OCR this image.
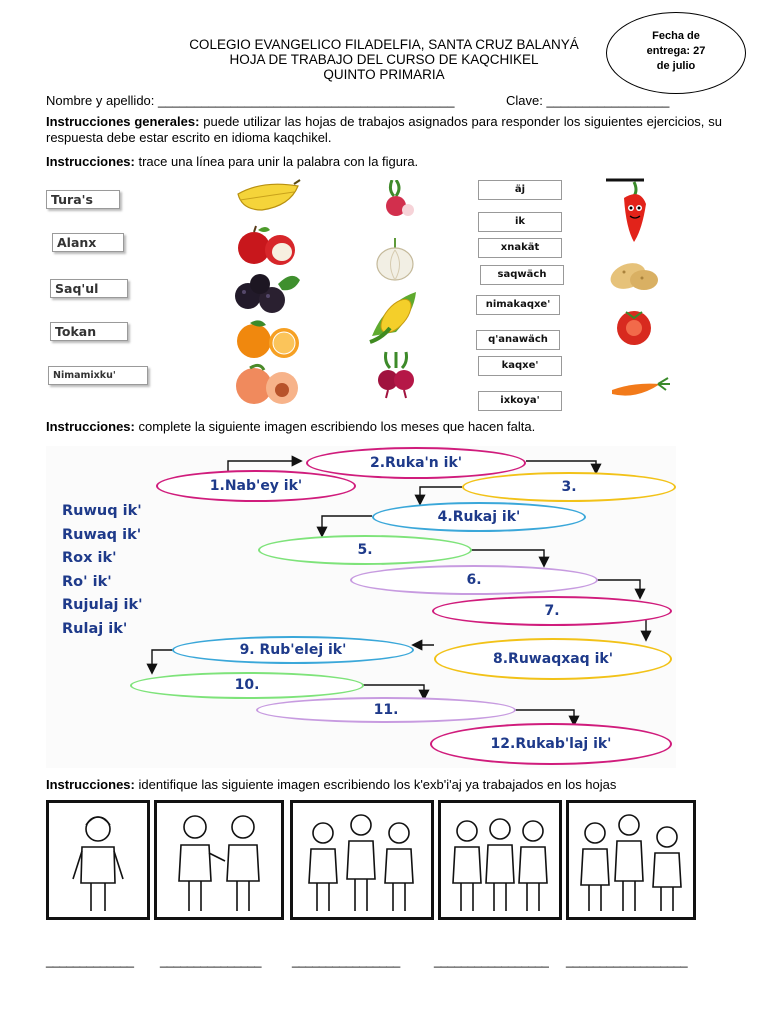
COLEGIO EVANGELICO FILADELFIA, SANTA CRUZ BALANYÁ
HOJA DE TRABAJO DEL CURSO DE KAQCHIKEL
QUINTO PRIMARIA
Fecha de
entrega: 27
de julio
Nombre y apellido: _________________________________________	Clave: _________________
Instrucciones generales: puede utilizar las hojas de trabajos asignados para responder los siguientes ejercicios, su respuesta debe estar escrito en idioma kaqchikel.
Instrucciones: trace una línea para unir la palabra con la figura.
Tura's
Alanx
Saq'ul
Tokan
Nimamixku'
äj
ik
xnakät
saqwäch
nimakaqxe'
q'anawäch
kaqxe'
ixkoya'
Instrucciones: complete la siguiente imagen escribiendo los meses que hacen falta.
Ruwuq ik'
Ruwaq ik'
Rox ik'
Ro' ik'
Rujulaj ik'
Rulaj ik'
2.Ruka'n ik'
1.Nab'ey ik'	3.
4.Rukaj ik'
5.
6.
7.
8.Ruwaqxaq ik'
9. Rub'elej ik'
10.
11.
12.Rukab'laj ik'
Instrucciones: identifique las siguiente imagen escribiendo los k'exb'i'aj ya trabajados en los hojas
_____________ _______________ ________________	_________________ __________________
